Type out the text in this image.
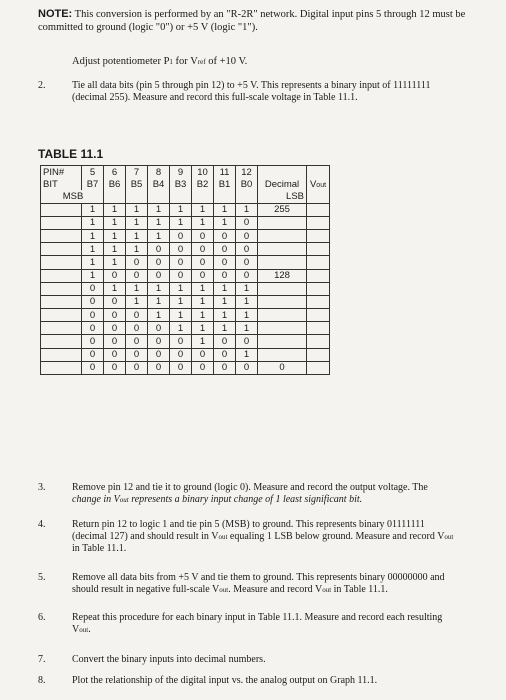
NOTE: This conversion is performed by an "R-2R" network. Digital input pins 5 through 12 must be committed to ground (logic "0") or +5 V (logic "1").
Adjust potentiometer P1 for Vref of +10 V.
2.	Tie all data bits (pin 5 through pin 12) to +5 V. This represents a binary input of 11111111
(decimal 255). Measure and record this full-scale voltage in Table 11.1.
TABLE 11.1
PIN#	5	6	7	8	9	10	11	12	Decimal	Vout
BIT	B7	B6	B5	B4	B3	B2	B1	B0		
MSB								LSB		
	1	1	1	1	1	1	1	1	255	
	1	1	1	1	1	1	1	0		
	1	1	1	1	0	0	0	0		
	1	1	1	0	0	0	0	0		
	1	1	0	0	0	0	0	0		
	1	0	0	0	0	0	0	0	128	
	0	1	1	1	1	1	1	1		
	0	0	1	1	1	1	1	1		
	0	0	0	1	1	1	1	1		
	0	0	0	0	1	1	1	1		
	0	0	0	0	0	1	0	0		
	0	0	0	0	0	0	0	1		
	0	0	0	0	0	0	0	0	0	
3.	Remove pin 12 and tie it to ground (logic 0). Measure and record the output voltage. The
change in Vout represents a binary input change of 1 least significant bit.
4.	Return pin 12 to logic 1 and tie pin 5 (MSB) to ground. This represents binary 01111111
(decimal 127) and should result in Vout equaling 1 LSB below ground. Measure and record Vout
in Table 11.1.
5.	Remove all data bits from +5 V and tie them to ground. This represents binary 00000000 and
should result in negative full-scale Vout. Measure and record Vout in Table 11.1.
6.	Repeat this procedure for each binary input in Table 11.1. Measure and record each resulting
Vout.
7.	Convert the binary inputs into decimal numbers.
8.	Plot the relationship of the digital input vs. the analog output on Graph 11.1.
